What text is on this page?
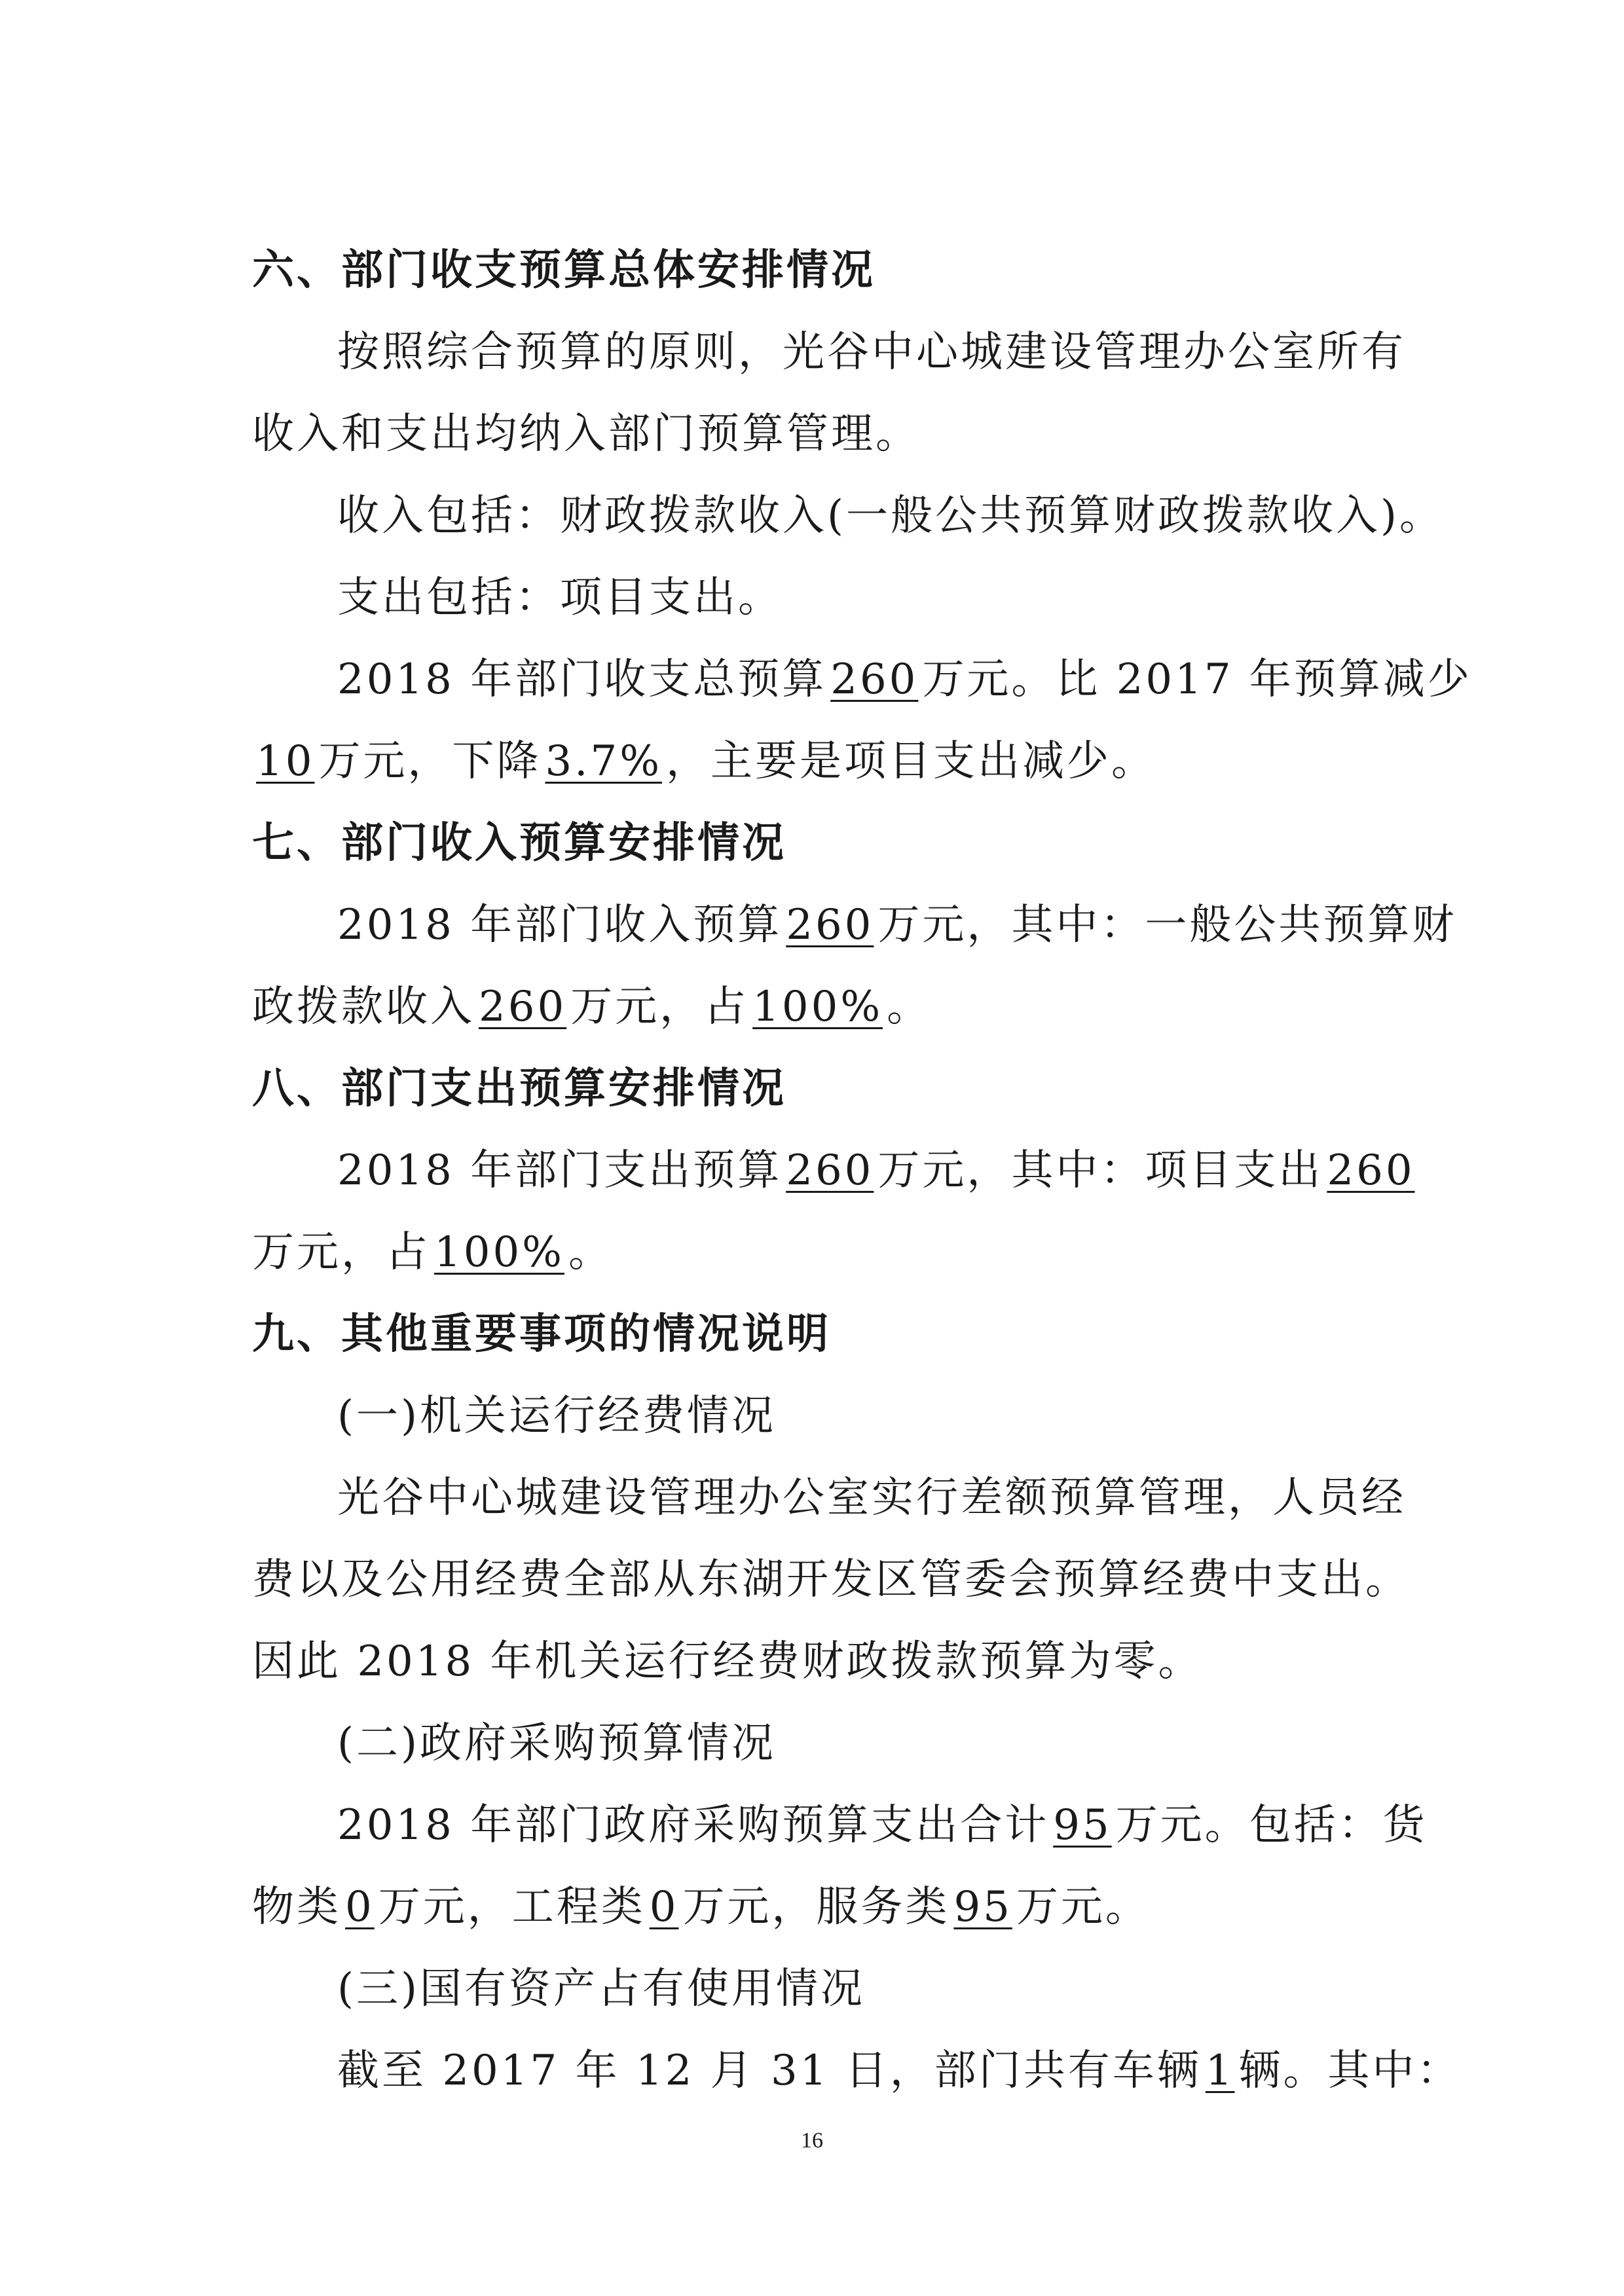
六、部门收支预算总体安排情况
按照综合预算的原则，光谷中心城建设管理办公室所有
收入和支出均纳入部门预算管理。
收入包括：财政拨款收入(一般公共预算财政拨款收入)。
支出包括：项目支出。
2018 年部门收支总预算260万元。比 2017 年预算减少
10万元，下降3.7%，主要是项目支出减少。
七、部门收入预算安排情况
2018 年部门收入预算260万元，其中：一般公共预算财
政拨款收入260万元，占100%。
八、部门支出预算安排情况
2018 年部门支出预算260万元，其中：项目支出260
万元，占100%。
九、其他重要事项的情况说明
(一)机关运行经费情况
光谷中心城建设管理办公室实行差额预算管理，人员经
费以及公用经费全部从东湖开发区管委会预算经费中支出。
因此 2018 年机关运行经费财政拨款预算为零。
(二)政府采购预算情况
2018 年部门政府采购预算支出合计95万元。包括：货
物类0万元，工程类0万元，服务类95万元。
(三)国有资产占有使用情况
截至 2017 年 12 月 31 日，部门共有车辆1辆。其中：
16
